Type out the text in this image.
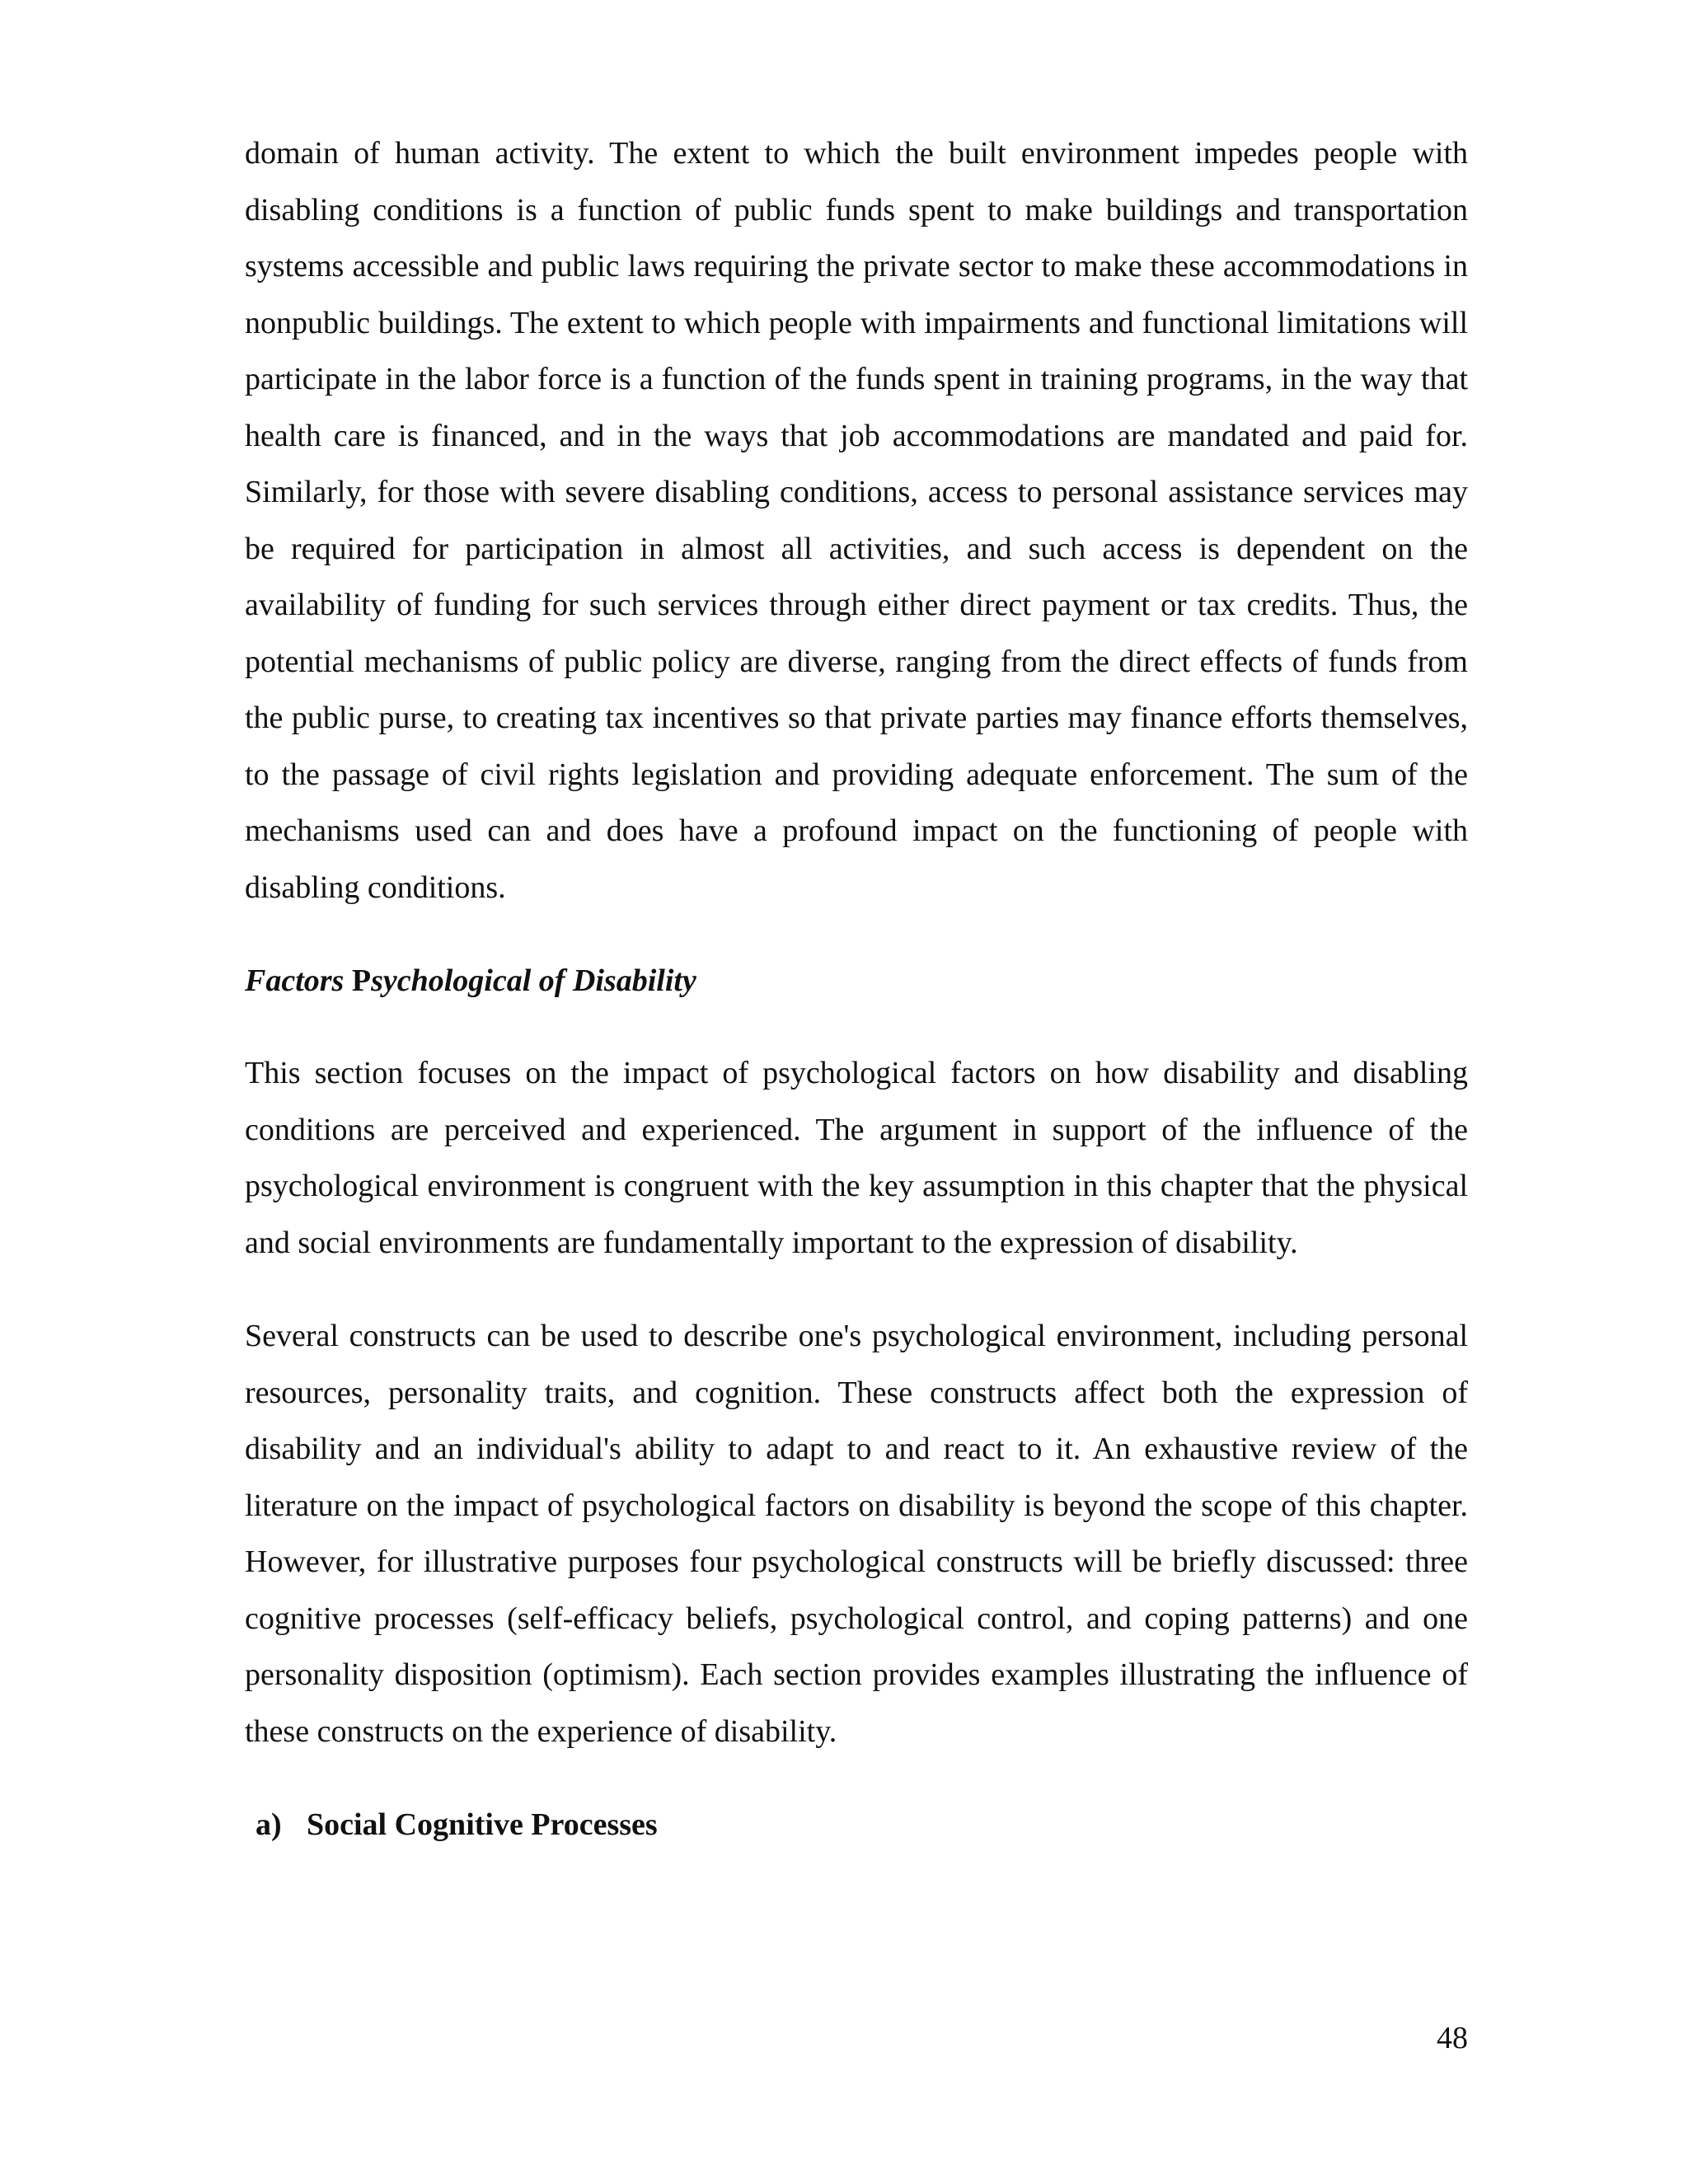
domain of human activity. The extent to which the built environment impedes people with disabling conditions is a function of public funds spent to make buildings and transportation systems accessible and public laws requiring the private sector to make these accommodations in nonpublic buildings. The extent to which people with impairments and functional limitations will participate in the labor force is a function of the funds spent in training programs, in the way that health care is financed, and in the ways that job accommodations are mandated and paid for. Similarly, for those with severe disabling conditions, access to personal assistance services may be required for participation in almost all activities, and such access is dependent on the availability of funding for such services through either direct payment or tax credits. Thus, the potential mechanisms of public policy are diverse, ranging from the direct effects of funds from the public purse, to creating tax incentives so that private parties may finance efforts themselves, to the passage of civil rights legislation and providing adequate enforcement. The sum of the mechanisms used can and does have a profound impact on the functioning of people with disabling conditions.

Factors Psychological of Disability

This section focuses on the impact of psychological factors on how disability and disabling conditions are perceived and experienced. The argument in support of the influence of the psychological environment is congruent with the key assumption in this chapter that the physical and social environments are fundamentally important to the expression of disability.

Several constructs can be used to describe one's psychological environment, including personal resources, personality traits, and cognition. These constructs affect both the expression of disability and an individual's ability to adapt to and react to it. An exhaustive review of the literature on the impact of psychological factors on disability is beyond the scope of this chapter. However, for illustrative purposes four psychological constructs will be briefly discussed: three cognitive processes (self-efficacy beliefs, psychological control, and coping patterns) and one personality disposition (optimism). Each section provides examples illustrating the influence of these constructs on the experience of disability.

a) Social Cognitive Processes
48
